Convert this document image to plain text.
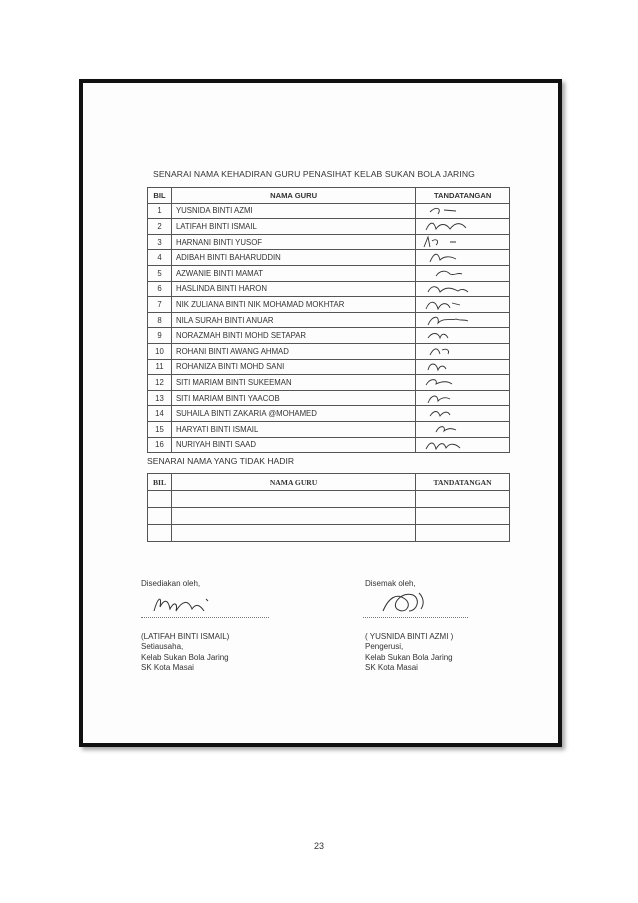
SENARAI NAMA KEHADIRAN GURU PENASIHAT KELAB SUKAN BOLA JARING
BIL	NAMA GURU	TANDATANGAN
1	YUSNIDA BINTI AZMI	

2	LATIFAH BINTI ISMAIL	

3	HARNANI BINTI YUSOF	

4	ADIBAH BINTI BAHARUDDIN	

5	AZWANIE BINTI MAMAT	

6	HASLINDA BINTI HARON	

7	NIK ZULIANA BINTI NIK MOHAMAD MOKHTAR	

8	NILA SURAH BINTI ANUAR	

9	NORAZMAH BINTI MOHD SETAPAR	

10	ROHANI BINTI AWANG AHMAD	

11	ROHANIZA BINTI MOHD SANI	

12	SITI MARIAM BINTI SUKEEMAN	

13	SITI MARIAM BINTI YAACOB	

14	SUHAILA BINTI ZAKARIA @MOHAMED	

15	HARYATI BINTI ISMAIL	

16	NURIYAH BINTI SAAD	
SENARAI NAMA YANG TIDAK HADIR
BIL	NAMA GURU	TANDATANGAN

Disediakan oleh,
(LATIFAH BINTI ISMAIL)
Setiausaha,
Kelab Sukan Bola Jaring
SK Kota Masai
Disemak oleh,
( YUSNIDA BINTI AZMI )
Pengerusi,
Kelab Sukan Bola Jaring
SK Kota Masai
23
